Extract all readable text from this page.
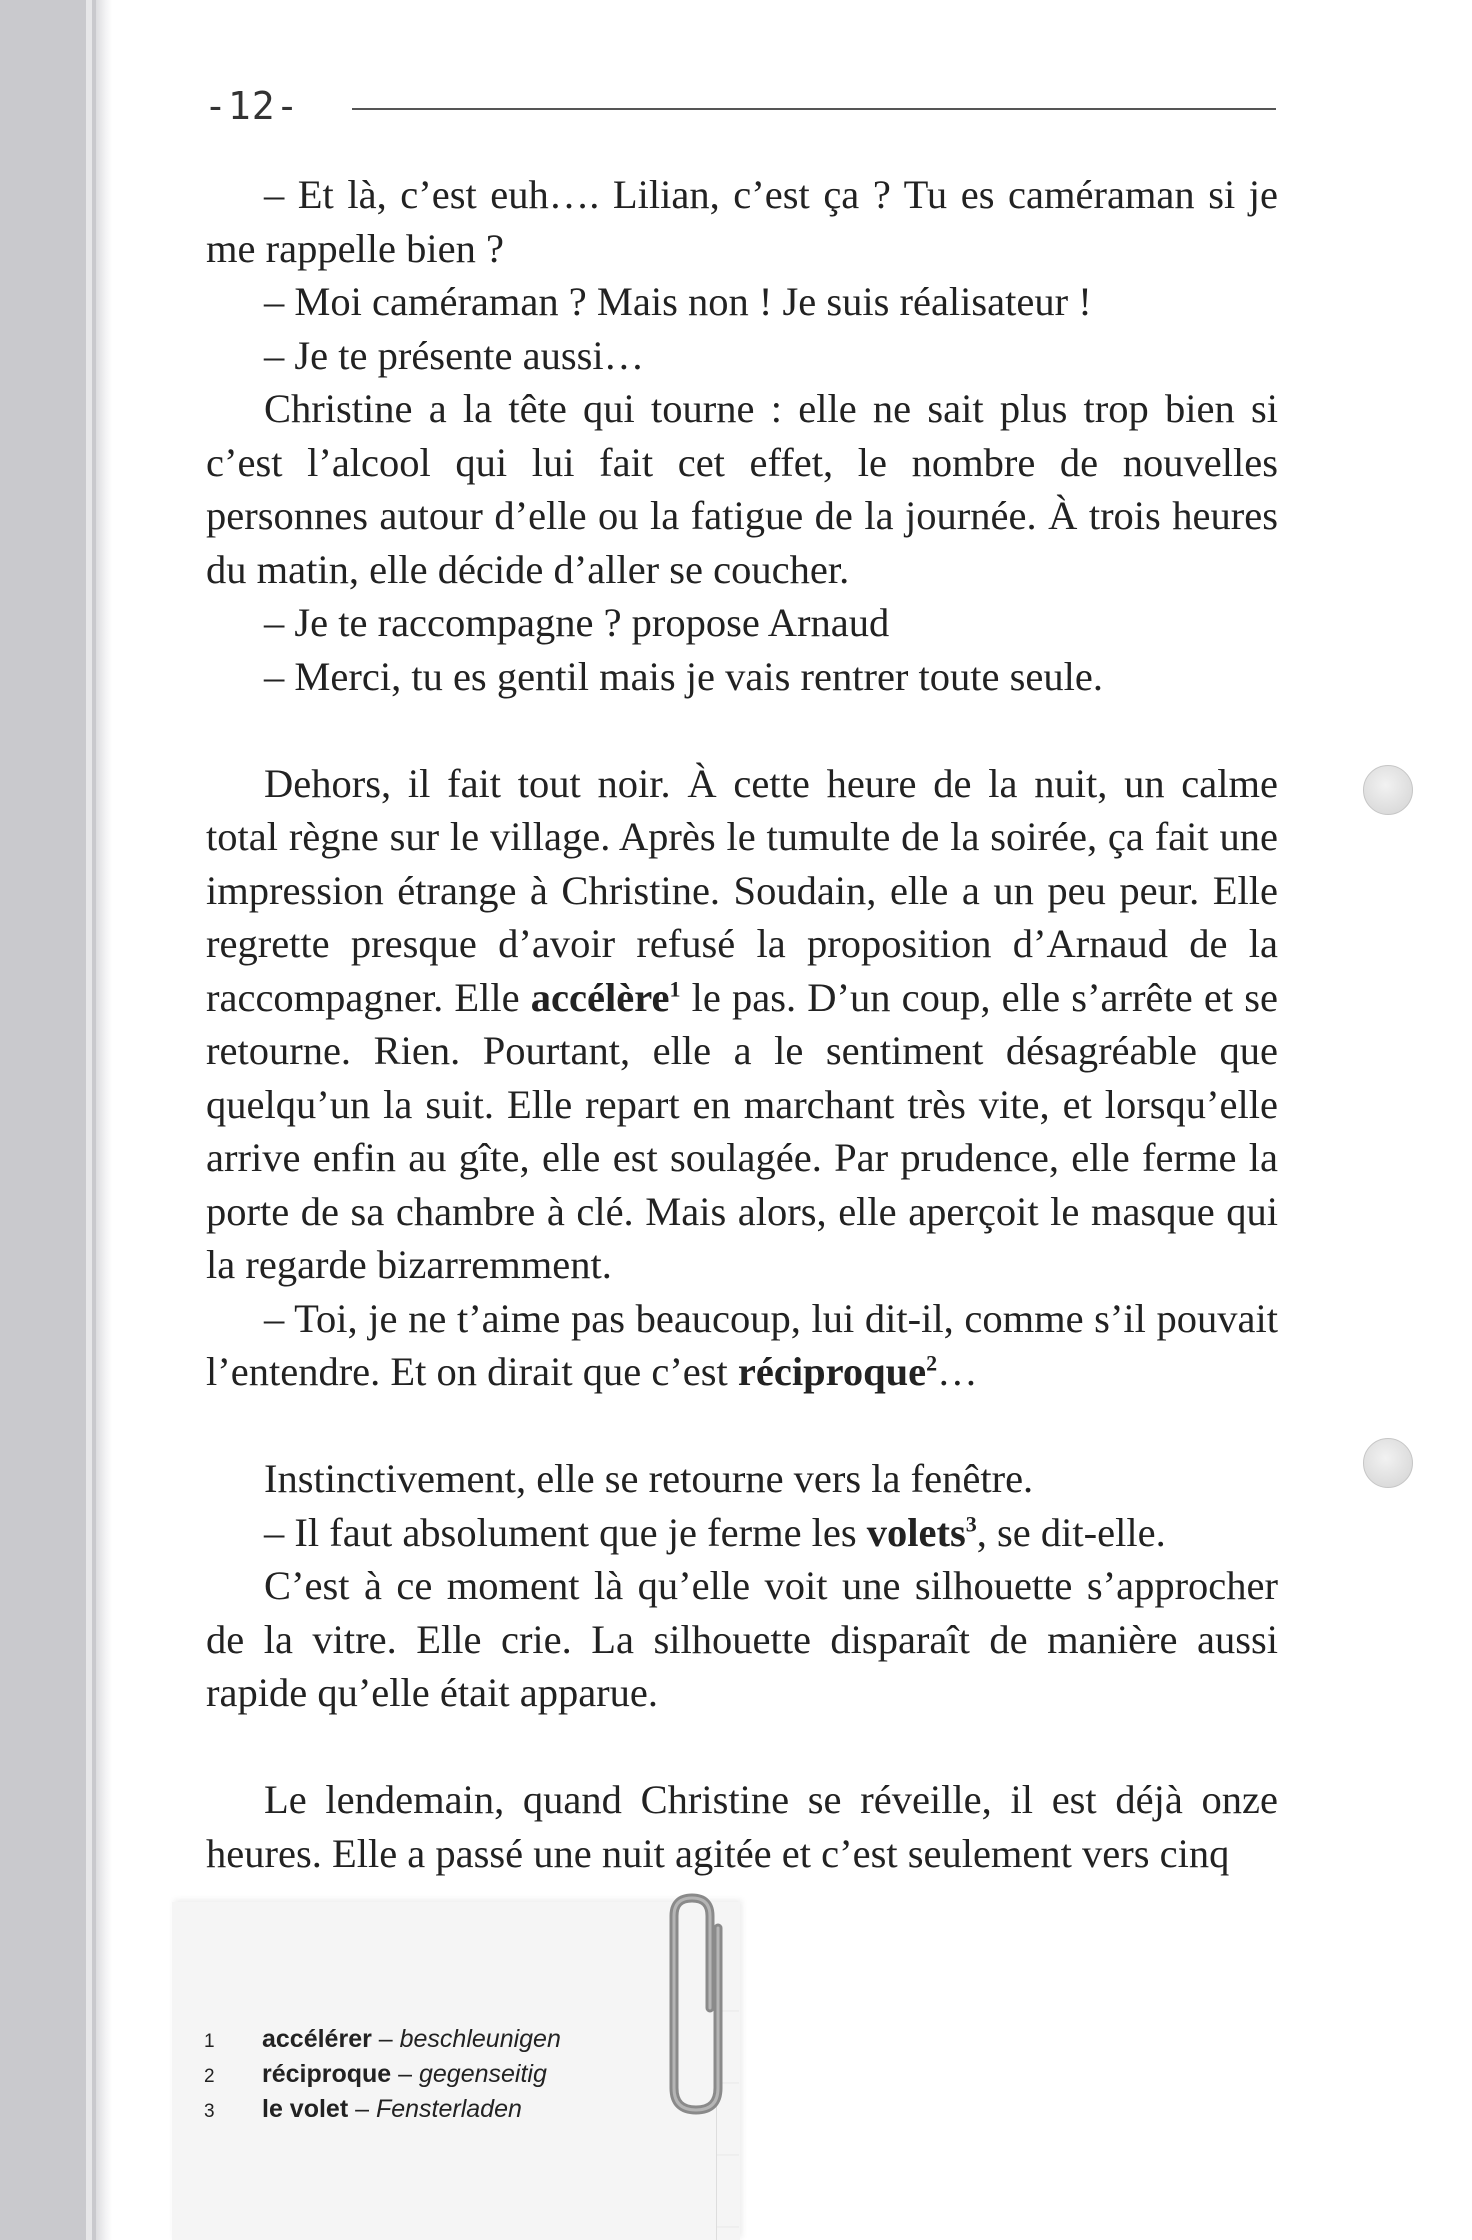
-12-

– Et là, c’est euh…. Lilian, c’est ça ? Tu es caméraman si je me rappelle bien ?

– Moi caméraman ? Mais non ! Je suis réalisateur !

– Je te présente aussi…

Christine a la tête qui tourne : elle ne sait plus trop bien si c’est l’alcool qui lui fait cet effet, le nombre de nouvelles personnes autour d’elle ou la fatigue de la journée. À trois heures du matin, elle décide d’aller se coucher.

– Je te raccompagne ? propose Arnaud

– Merci, tu es gentil mais je vais rentrer toute seule.

Dehors, il fait tout noir. À cette heure de la nuit, un calme total règne sur le village. Après le tumulte de la soirée, ça fait une impression étrange à Christine. Soudain, elle a un peu peur. Elle regrette presque d’avoir refusé la proposition d’Arnaud de la raccompagner. Elle accélère$^1$ le pas. D’un coup, elle s’arrête et se retourne. Rien. Pourtant, elle a le sentiment désagréable que quelqu’un la suit. Elle repart en marchant très vite, et lorsqu’elle arrive enfin au gîte, elle est soulagée. Par prudence, elle ferme la porte de sa chambre à clé. Mais alors, elle aperçoit le masque qui la regarde bizarremment.

– Toi, je ne t’aime pas beaucoup, lui dit-il, comme s’il pouvait l’entendre. Et on dirait que c’est réciproque$^2$…

Instinctivement, elle se retourne vers la fenêtre.

– Il faut absolument que je ferme les volets$^3$, se dit-elle.

C’est à ce moment là qu’elle voit une silhouette s’approcher de la vitre. Elle crie. La silhouette disparaît de manière aussi rapide qu’elle était apparue.

Le lendemain, quand Christine se réveille, il est déjà onze heures. Elle a passé une nuit agitée et c’est seulement vers cinq

1	accélérer – beschleunigen
2	réciproque – gegenseitig
3	le volet – Fensterladen
